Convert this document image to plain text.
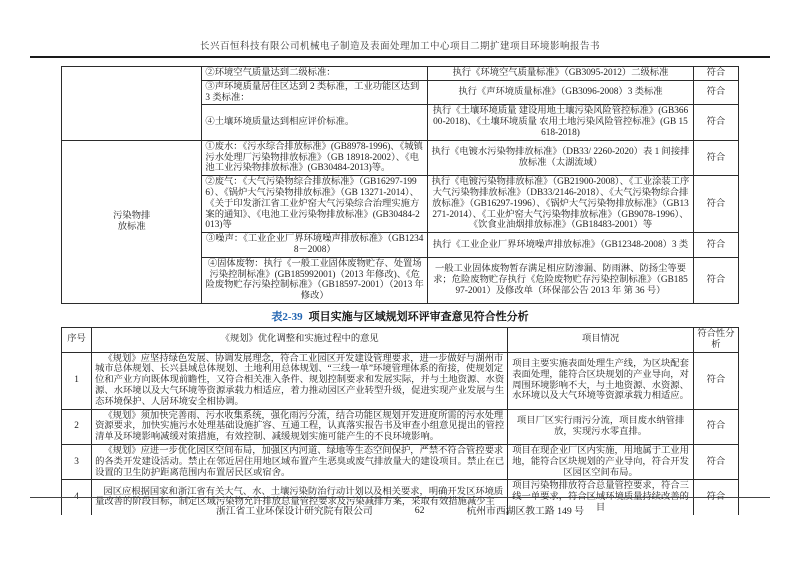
长兴百恒科技有限公司机械电子制造及表面处理加工中心项目二期扩建项目环境影响报告书
	②环境空气质量达到二级标准：	执行《环境空气质量标准》（GB3095-2012）二级标准	符合
	③声环境质量居住区达到 2 类标准，工业功能区达到 3 类标准：	执行《声环境质量标准》（GB3096-2008）3 类标准	符合
	④土壤环境质量达到相应评价标准。	执行《土壤环境质量 建设用地土壤污染风险管控标准》(GB36600-2018)、《土壤环境质量 农用土地污染风险管控标准》(GB 15618-2018)	符合
污染物排放标准	①废水：《污水综合排放标准》(GB8978-1996)、《城镇污水处理厂污染物排放标准》（GB 18918-2002）、《电池工业污染物排放标准》(GB30484-2013)等。	执行《电镀水污染物排放标准》（DB33/ 2260-2020）表 1 间接排放标准（太湖流域）	符合
	②废气：《大气污染物综合排放标准》（GB16297-1996）、《锅炉大气污染物排放标准》（GB 13271-2014）、《关于印发浙江省工业炉窑大气污染综合治理实施方案的通知》、《电池工业污染物排放标准》(GB30484-2013)等	执行《电镀污染物排放标准》（GB21900-2008）、《工业涂装工序大气污染物排放标准》（DB33/2146-2018）、《大气污染物综合排放标准》（GB16297-1996）、《锅炉大气污染物排放标准》（GB13271-2014）、《工业炉窑大气污染物排放标准》（GB9078-1996）、《饮食业油烟排放标准》（GB18483-2001）等	符合
	③噪声：《工业企业厂界环境噪声排放标准》（GB12348－2008）	执行《工业企业厂界环境噪声排放标准》（GB12348-2008）3 类	符合
	④固体废物：执行《一般工业固体废物贮存、处置场污染控制标准》(GB185992001)（2013 年修改)、《危险废物贮存污染控制标准》（GB18597-2001）（2013 年修改）	一般工业固体废物暂存满足相应防渗漏、防雨淋、防扬尘等要求；危险废物贮存执行《危险废物贮存污染控制标准》（GB18597-2001）及修改单（环保部公告 2013 年 第 36 号）	符合
表2-39 项目实施与区域规划环评审查意见符合性分析
序号	《规划》优化调整和实施过程中的意见	项目情况	符合性分析
1	《规划》应坚持绿色发展、协调发展理念，符合工业园区开发建设管理要求，进一步做好与湖州市城市总体规划、长兴县域总体规划、土地利用总体规划、“三线一单”环境管理体系的衔接，使规划定位和产业方向既体现前瞻性，又符合相关准入条件、规划控制要求和发展实际，并与土地资源、水资源、水环境以及大气环境等资源承载力相适应，着力推动园区产业转型升级，促进实现产业发展与生态环境保护、人居环境安全相协调。	项目主要实施表面处理生产线，为区块配套表面处理，能符合区块规划的产业导向，对周围环境影响不大，与土地资源、水资源、水环境以及大气环境等资源承载力相适应。	符合
2	《规划》须加快完善雨、污水收集系统，强化雨污分流，结合功能区规划开发进度所需的污水处理资源要求，加快实施污水处理基础设施扩容、互通工程，认真落实报告书及审查小组意见提出的管控清单及环境影响减缓对策措施，有效控制、减缓规划实施可能产生的不良环境影响。	项目厂区实行雨污分流，项目废水纳管排放，实现污水零直排。	符合
3	《规划》应进一步优化园区空间布局，加强区内河道、绿地等生态空间保护，严禁不符合管控要求的各类开发建设活动。禁止在邻近居住用地区域布置产生恶臭或废气排放量大的建设项目。禁止在已设置的卫生防护距离范围内布置居民区或宿舍。	项目在现企业厂区内实施，用地属于工业用地，能符合区块规划的产业导向，符合开发区园区空间布局。	符合
4	园区应根据国家和浙江省有关大气、水、土壤污染防治行动计划以及相关要求，明确开发区环境质量改善的阶段目标，制定区域污染物允许排放总量管控要求及污染减排方案，采取有效措施减少主	项目污染物排放符合总量管控要求，符合三线一单要求，符合区域环境质量持续改善的目	符合
浙江省工业环保设计研究院有限公司	62	杭州市西湖区教工路 149 号
